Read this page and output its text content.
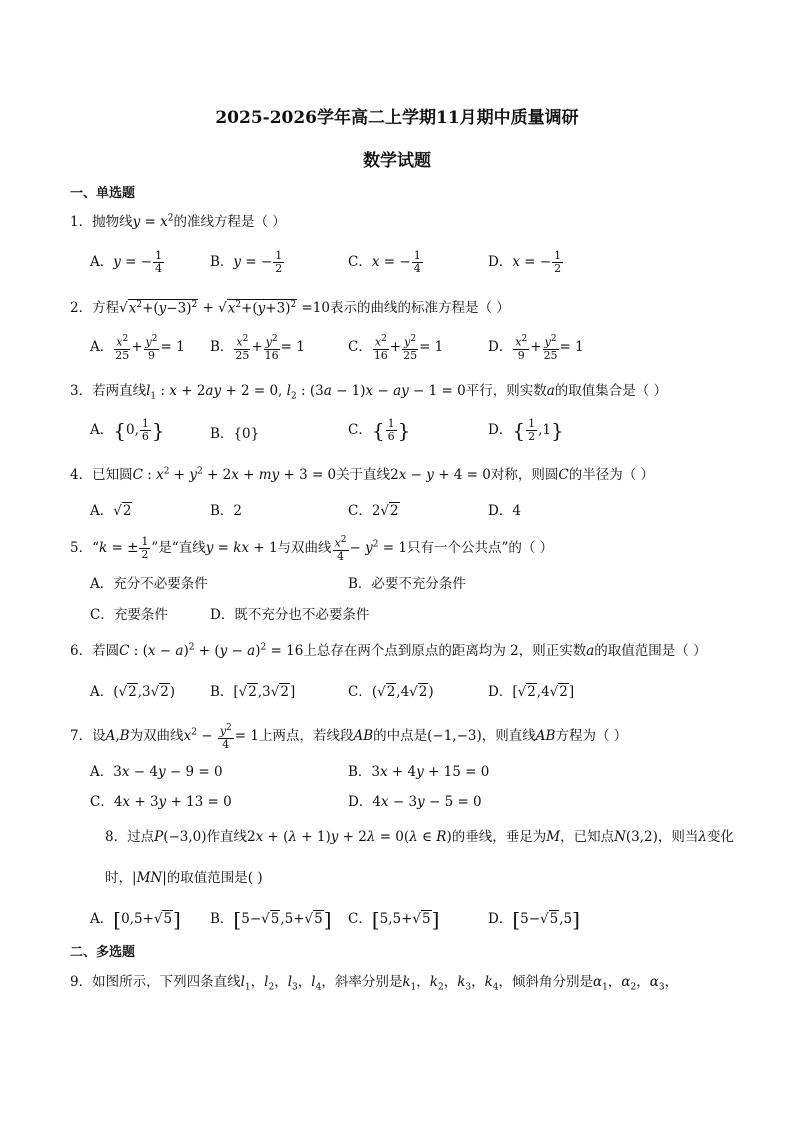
2025-2026学年高二上学期11月期中质量调研
数学试题
一、单选题
1．抛物线$y = x^2$的准线方程是（ ）
A．y = − $\frac{1}{4}$	B．y = − $\frac{1}{2}$	C．x = − $\frac{1}{4}$	D．x = − $\frac{1}{2}$
2．方程$√x^2+(y-3)^2 + √x^2+(y+3)^2 =10$表示的曲线的标准方程是（ ）
A． $\frac{x^2}{25} + \frac{y^2}{9} = 1$ B． $\frac{x^2}{25} + \frac{y^2}{16} = 1$	C． $\frac{x^2}{16} + \frac{y^2}{25} = 1$	D． $\frac{x^2}{9} + \frac{y^2}{25} = 1$
3．若两直线$l_1$ : x + 2ay + 2 = 0, $l_2$ : (3a − 1)x − ay − 1 = 0平行，则实数a的取值集合是（ ）
A．{0, $\frac{1}{6}$ }	B．{0}	C．{ $\frac{1}{6}$ }	D．{ $\frac{1}{2} ,1$}
4．已知圆C : $x^2 + y^2 + 2x$ + my + 3 = 0关于直线2x − y + 4 = 0对称，则圆C的半径为（ ）
A．√2	B．2	C．2√2	D．4
5．“k = ± $\frac{1}{2}$ ”是“直线y = kx + 1与双曲线 $\frac{x^2}{4} - y^2 = 1$只有一个公共点”的（ ）
A．充分不必要条件	B．必要不充分条件
C．充要条件	D．既不充分也不必要条件
6．若圆C : $(x - a)^2 + (y - a)^2 = 16$上总存在两个点到原点的距离均为 2，则正实数a的取值范围是（ ）
A．(√2,3√2)	B．[√2,3√2]	C．(√2,4√2)	D．[√2,4√2]
7．设A,B为双曲线$x^2 - \frac{y^2}{4} = 1$上两点，若线段AB的中点是(−1,−3)，则直线AB方程为（ ）
A．3x − 4y − 9 = 0	B．3x + 4y + 15 = 0
C．4x + 3y + 13 = 0	D．4x − 3y − 5 = 0
8．过点P(−3,0)作直线2x + (λ + 1)y + 2λ = 0(λ ∈ R)的垂线，垂足为M，已知点N(3,2)，则当λ变化
时，|MN|的取值范围是( )
A．[0,5+√5] B．[5−√5,5+√5] C．[5,5+√5]	D．[5−√5,5]
二、多选题
9．如图所示，下列四条直线$l_1$，$l_2$，$l_3$，$l_4$，斜率分别是$k_1$，$k_2$，$k_3$，$k_4$，倾斜角分别是$\alpha_1$，$\alpha_2$，$\alpha_3$，
